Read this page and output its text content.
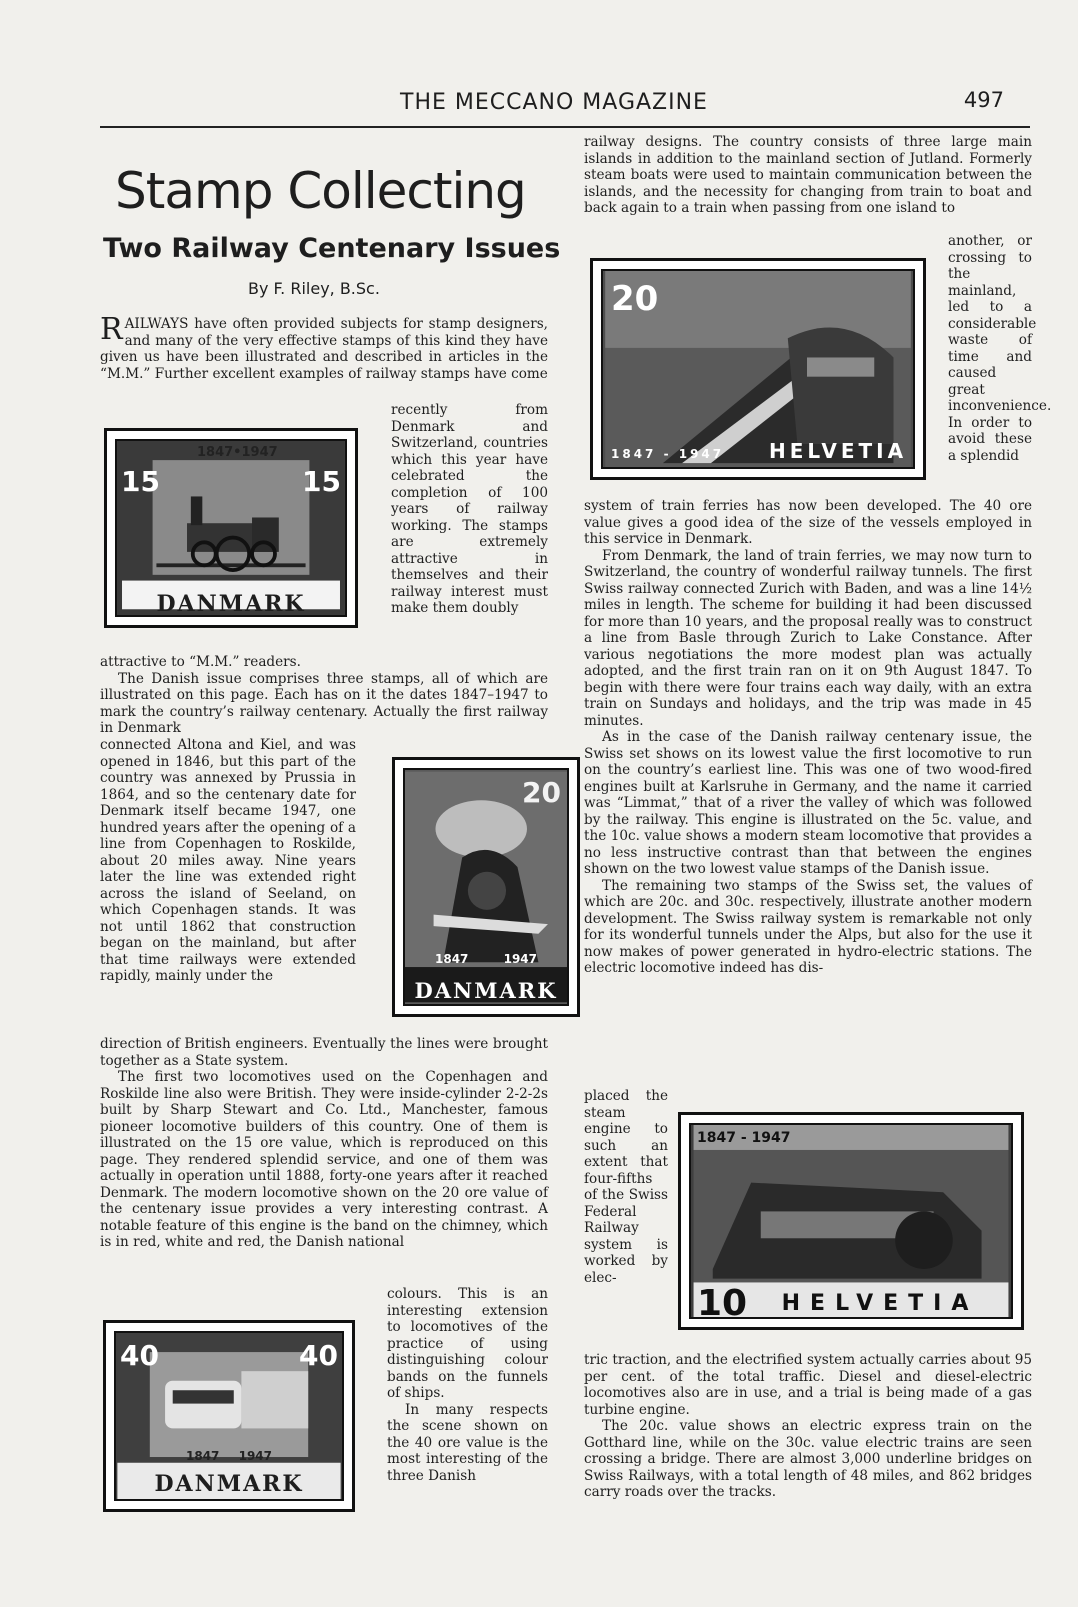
THE MECCANO MAGAZINE	497
Stamp Collecting
Two Railway Centenary Issues
By F. Riley, B.Sc.

RAILWAYS have often provided subjects for stamp designers, and many of the very effective stamps of this kind they have given us have been illustrated and described in articles in the “M.M.” Further excellent examples of railway stamps have come

recently from Denmark and Switzerland, countries which this year have celebrated the completion of 100 years of railway working. The stamps are extremely attractive in themselves and their railway interest must make them doubly

attractive to “M.M.” readers.

The Danish issue comprises three stamps, all of which are illustrated on this page. Each has on it the dates 1847–1947 to mark the country’s railway centenary. Actually the first railway in Denmark

connected Altona and Kiel, and was opened in 1846, but this part of the country was annexed by Prussia in 1864, and so the centenary date for Denmark itself became 1947, one hundred years after the opening of a line from Copenhagen to Roskilde, about 20 miles away. Nine years later the line was extended right across the island of Seeland, on which Copenhagen stands. It was not until 1862 that construction began on the mainland, but after that time railways were extended rapidly, mainly under the

direction of British engineers. Eventually the lines were brought together as a State system.

The first two locomotives used on the Copenhagen and Roskilde line also were British. They were inside-cylinder 2-2-2s built by Sharp Stewart and Co. Ltd., Manchester, famous pioneer locomotive builders of this country. One of them is illustrated on the 15 ore value, which is reproduced on this page. They rendered splendid service, and one of them was actually in operation until 1888, forty-one years after it reached Denmark. The modern locomotive shown on the 20 ore value of the centenary issue provides a very interesting contrast. A notable feature of this engine is the band on the chimney, which is in red, white and red, the Danish national

colours. This is an interesting extension to locomotives of the practice of using distinguishing colour bands on the funnels of ships.

In many respects the scene shown on the 40 ore value is the most interesting of the three Danish

railway designs. The country consists of three large main islands in addition to the mainland section of Jutland. Formerly steam boats were used to maintain communication between the islands, and the necessity for changing from train to boat and back again to a train when passing from one island to

another, or crossing to the mainland, led to a considerable waste of time and caused great inconvenience. In order to avoid these a splendid

system of train ferries has now been developed. The 40 ore value gives a good idea of the size of the vessels employed in this service in Denmark.

From Denmark, the land of train ferries, we may now turn to Switzerland, the country of wonderful railway tunnels. The first Swiss railway connected Zurich with Baden, and was a line 14½ miles in length. The scheme for building it had been discussed for more than 10 years, and the proposal really was to construct a line from Basle through Zurich to Lake Constance. After various negotiations the more modest plan was actually adopted, and the first train ran on it on 9th August 1847. To begin with there were four trains each way daily, with an extra train on Sundays and holidays, and the trip was made in 45 minutes.

As in the case of the Danish railway centenary issue, the Swiss set shows on its lowest value the first locomotive to run on the country’s earliest line. This was one of two wood-fired engines built at Karlsruhe in Germany, and the name it carried was “Limmat,” that of a river the valley of which was followed by the railway. This engine is illustrated on the 5c. value, and the 10c. value shows a modern steam locomotive that provides a no less instructive contrast than that between the engines shown on the two lowest value stamps of the Danish issue.

The remaining two stamps of the Swiss set, the values of which are 20c. and 30c. respectively, illustrate another modern development. The Swiss railway system is remarkable not only for its wonderful tunnels under the Alps, but also for the use it now makes of power generated in hydro-electric stations. The electric locomotive indeed has dis-

placed the steam engine to such an extent that four-fifths of the Swiss Federal Railway system is worked by elec-

tric traction, and the electrified system actually carries about 95 per cent. of the total traffic. Diesel and diesel-electric locomotives also are in use, and a trial is being made of a gas turbine engine.

The 20c. value shows an electric express train on the Gotthard line, while on the 30c. value electric trains are seen crossing a bridge. There are almost 3,000 underline bridges on Swiss Railways, with a total length of 48 miles, and 862 bridges carry roads over the tracks.

15	15
1847•1947
DANMARK
20
1847	1947
DANMARK
40	40
1847 1947
DANMARK
20
1847 - 1947 HELVETIA
1847 - 1947
10	HELVETIA
